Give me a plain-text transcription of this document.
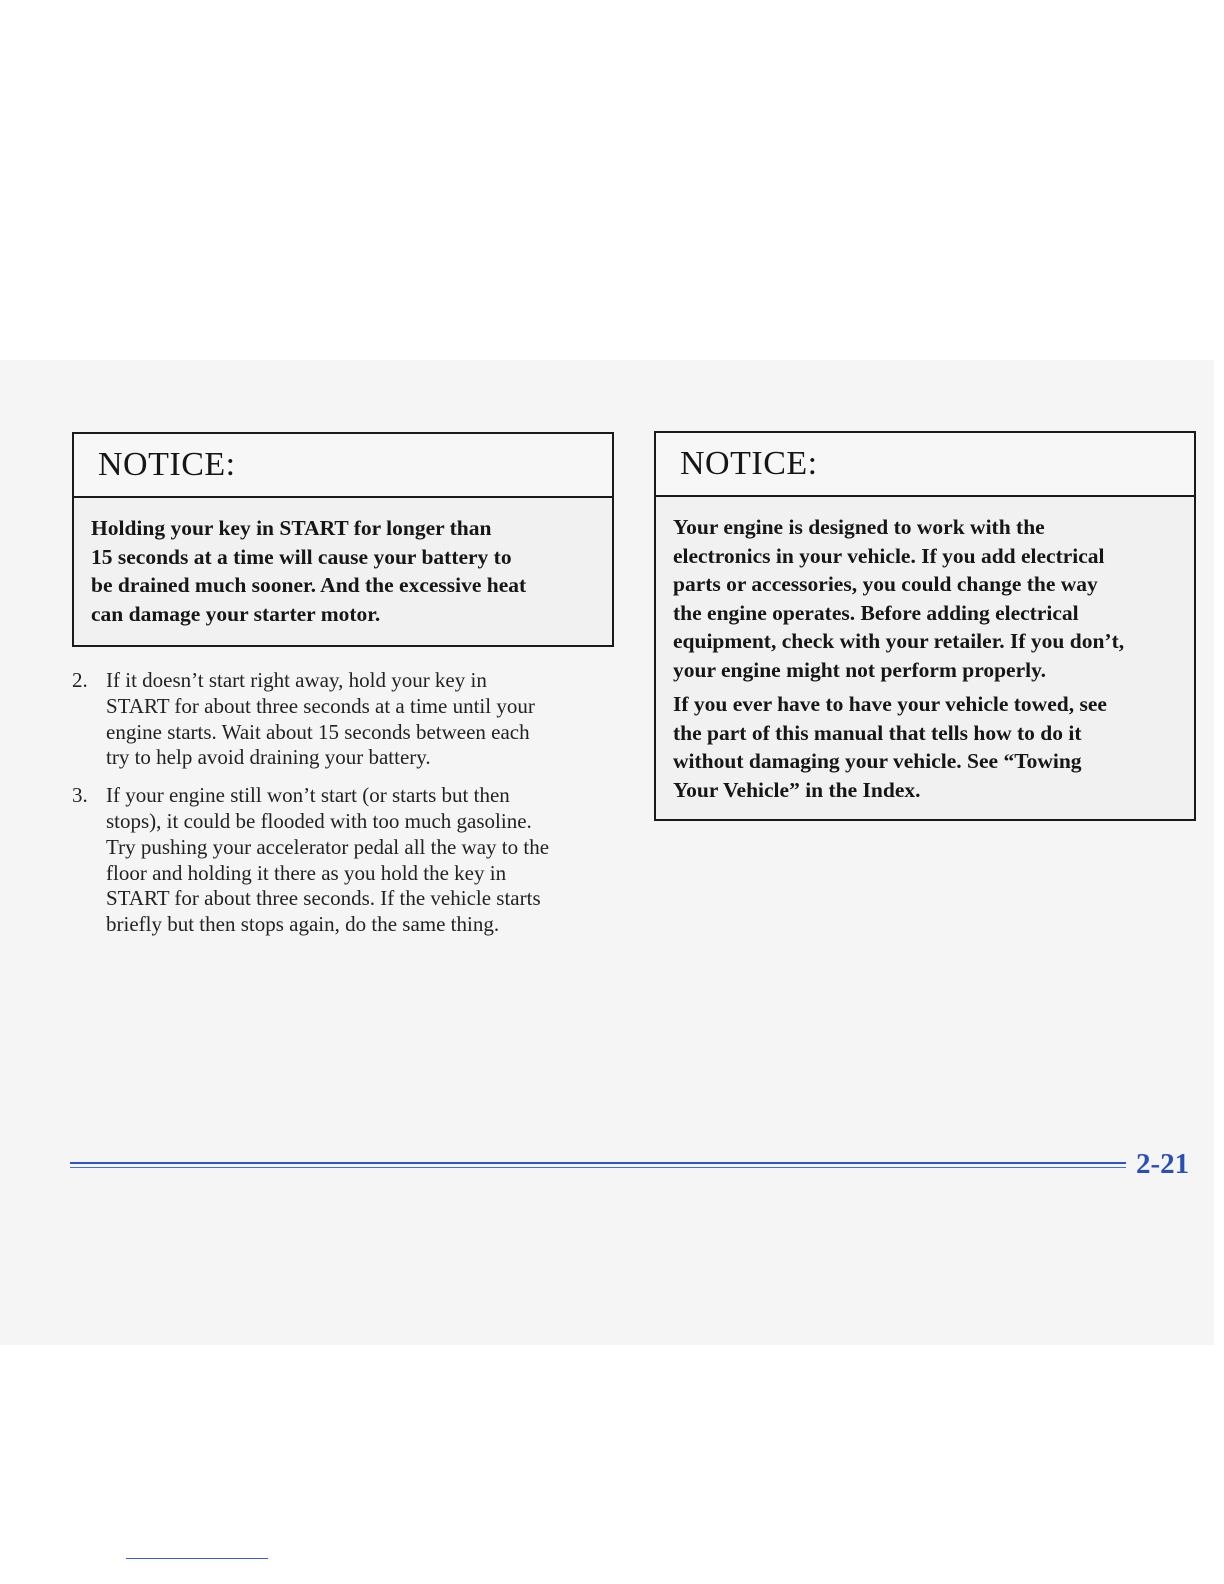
NOTICE:

Holding your key in START for longer than
15 seconds at a time will cause your battery to
be drained much sooner. And the excessive heat
can damage your starter motor.

2. If it doesn’t start right away, hold your key in
START for about three seconds at a time until your
engine starts. Wait about 15 seconds between each
try to help avoid draining your battery.
3. If your engine still won’t start (or starts but then
stops), it could be flooded with too much gasoline.
Try pushing your accelerator pedal all the way to the
floor and holding it there as you hold the key in
START for about three seconds. If the vehicle starts
briefly but then stops again, do the same thing.
NOTICE:

Your engine is designed to work with the
electronics in your vehicle. If you add electrical
parts or accessories, you could change the way
the engine operates. Before adding electrical
equipment, check with your retailer. If you don’t,
your engine might not perform properly.

If you ever have to have your vehicle towed, see
the part of this manual that tells how to do it
without damaging your vehicle. See “Towing
Your Vehicle” in the Index.

2-21
